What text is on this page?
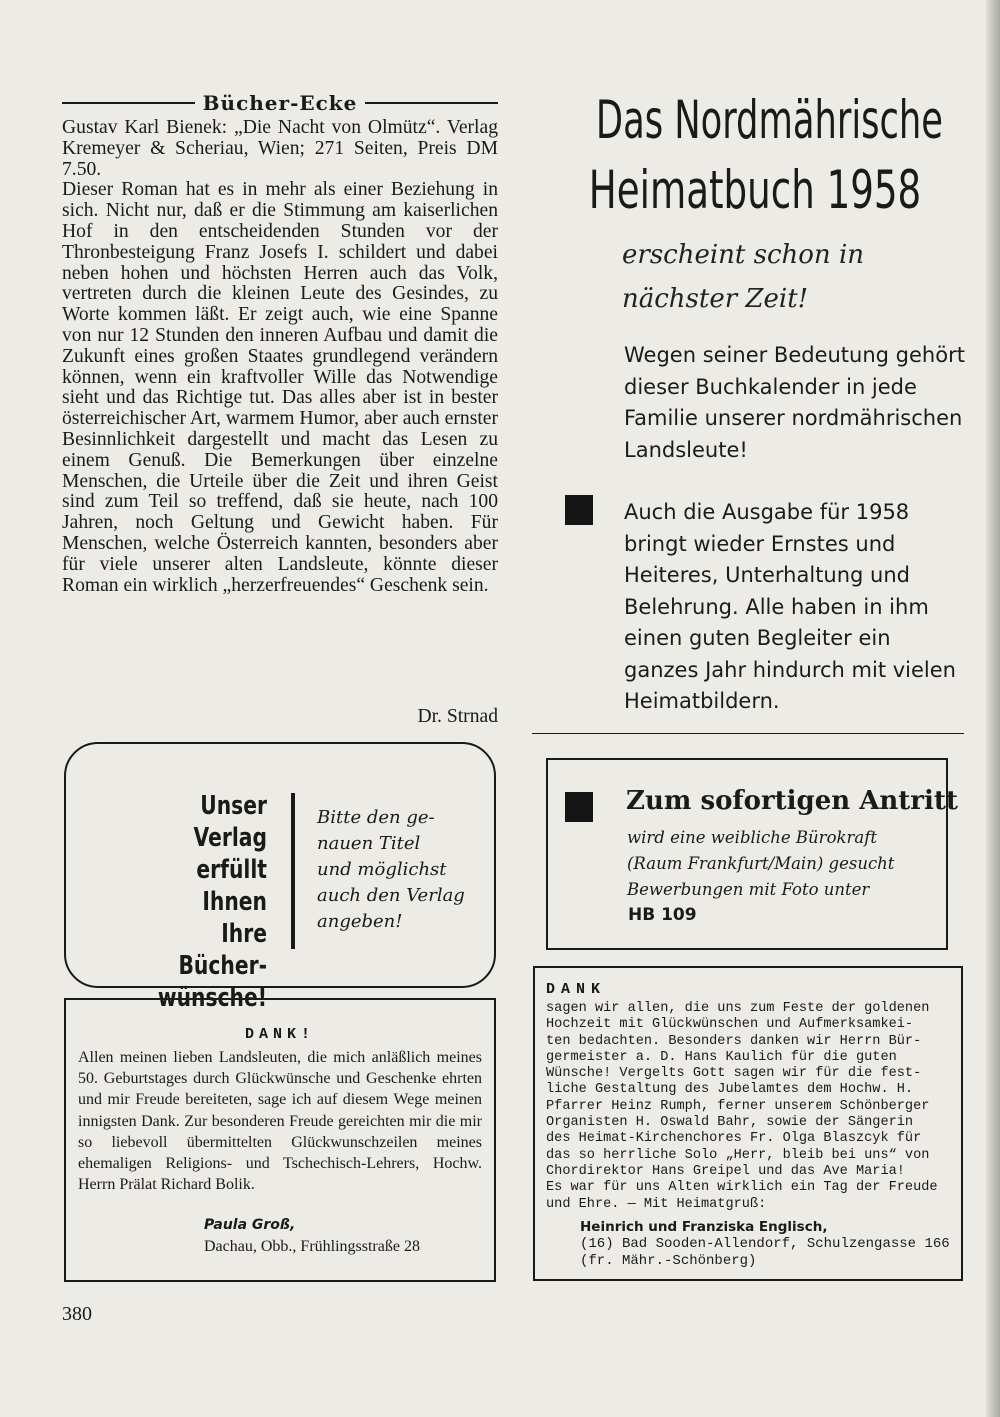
Bücher-Ecke

Gustav Karl Bienek: „Die Nacht von Olmütz“. Verlag Kremeyer & Scheriau, Wien; 271 Seiten, Preis DM 7.50.

Dieser Roman hat es in mehr als einer Beziehung in sich. Nicht nur, daß er die Stimmung am kaiserlichen Hof in den entscheidenden Stunden vor der Thronbesteigung Franz Josefs I. schildert und dabei neben hohen und höchsten Herren auch das Volk, vertreten durch die kleinen Leute des Gesindes, zu Worte kommen läßt. Er zeigt auch, wie eine Spanne von nur 12 Stunden den inneren Aufbau und damit die Zukunft eines großen Staates grundlegend verändern können, wenn ein kraftvoller Wille das Notwendige sieht und das Richtige tut. Das alles aber ist in bester österreichischer Art, warmem Humor, aber auch ernster Besinnlichkeit dargestellt und macht das Lesen zu einem Genuß. Die Bemerkungen über einzelne Menschen, die Urteile über die Zeit und ihren Geist sind zum Teil so treffend, daß sie heute, nach 100 Jahren, noch Geltung und Gewicht haben. Für Menschen, welche Österreich kannten, besonders aber für viele unserer alten Landsleute, könnte dieser Roman ein wirklich „herzerfreuendes“ Geschenk sein.

Dr. Strnad
Unser Verlag
erfüllt Ihnen
Ihre
Bücher-
wünsche!
Bitte den ge-
nauen Titel
und möglichst
auch den Verlag
angeben!
DANK!

Allen meinen lieben Landsleuten, die mich anläßlich meines 50. Geburtstages durch Glückwünsche und Geschenke ehrten und mir Freude bereiteten, sage ich auf diesem Wege meinen innigsten Dank. Zur besonderen Freude gereichten mir die mir so liebevoll übermittelten Glückwunschzeilen meines ehemaligen Religions- und Tschechisch-Lehrers, Hochw. Herrn Prälat Richard Bolik.

Paula Groß,
Dachau, Obb., Frühlingsstraße 28
380
Das Nordmährische
Heimatbuch 1958
erscheint schon in
nächster Zeit!
Wegen seiner Bedeutung gehört dieser Buchkalender in jede Familie unserer nordmährischen Landsleute!
Auch die Ausgabe für 1958 bringt wieder Ernstes und Heiteres, Unterhaltung und Belehrung. Alle haben in ihm einen guten Begleiter ein ganzes Jahr hindurch mit vielen Heimatbildern.
Zum sofortigen Antritt
wird eine weibliche Bürokraft
(Raum Frankfurt/Main) gesucht
Bewerbungen mit Foto unter
HB 109
DANK
sagen wir allen, die uns zum Feste der goldenen
Hochzeit mit Glückwünschen und Aufmerksamkei-
ten bedachten. Besonders danken wir Herrn Bür-
germeister a. D. Hans Kaulich für die guten
Wünsche! Vergelts Gott sagen wir für die fest-
liche Gestaltung des Jubelamtes dem Hochw. H.
Pfarrer Heinz Rumph, ferner unserem Schönberger
Organisten H. Oswald Bahr, sowie der Sängerin
des Heimat-Kirchenchores Fr. Olga Blaszcyk für
das so herrliche Solo „Herr, bleib bei uns“ von
Chordirektor Hans Greipel und das Ave Maria!
Es war für uns Alten wirklich ein Tag der Freude
und Ehre. — Mit Heimatgruß:
Heinrich und Franziska Englisch,
(16) Bad Sooden-Allendorf, Schulzengasse 166
(fr. Mähr.-Schönberg)
